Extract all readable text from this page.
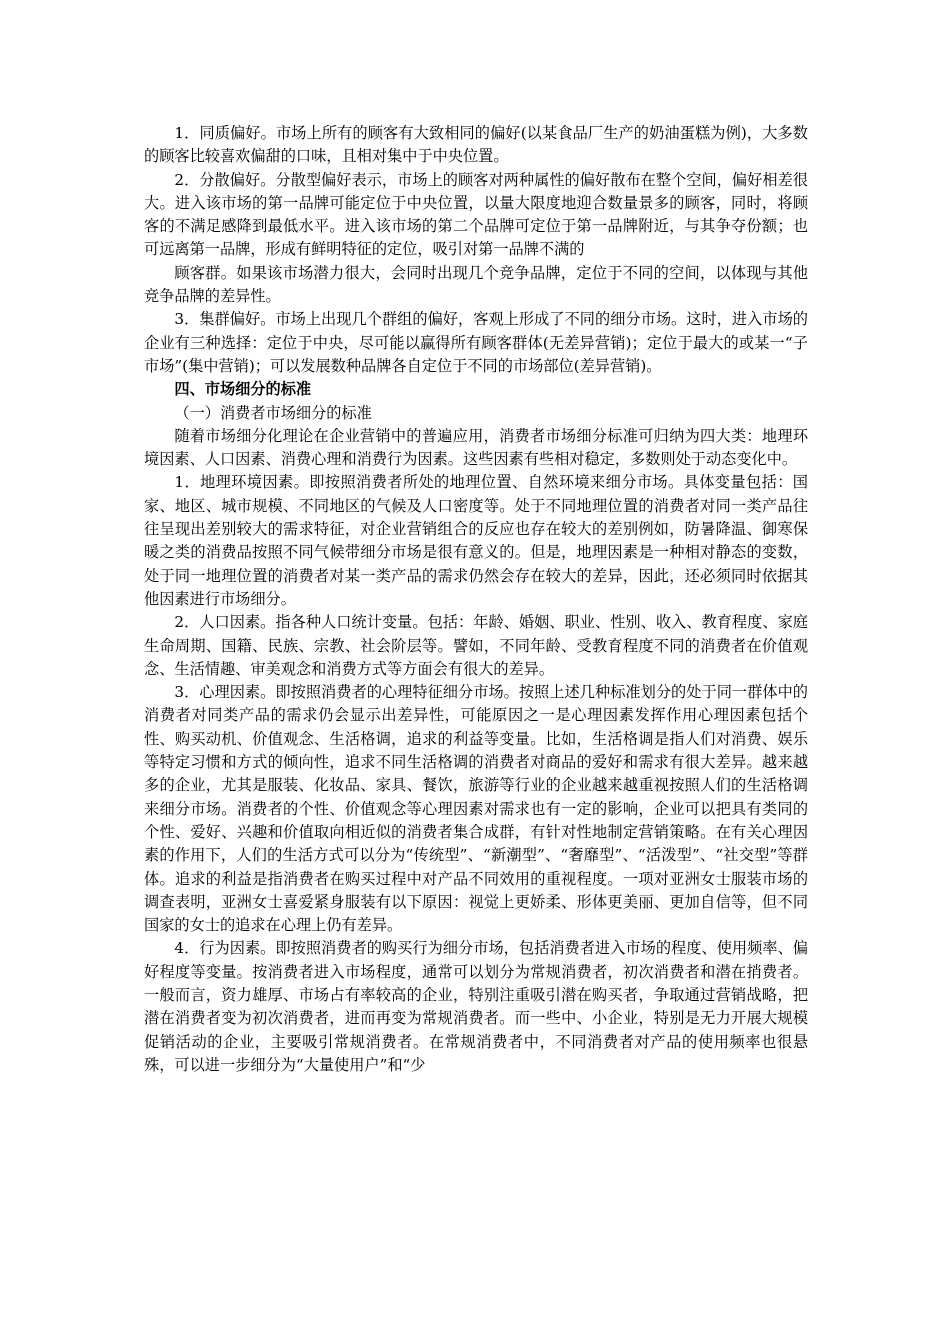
1．同质偏好。市场上所有的顾客有大致相同的偏好(以某食品厂生产的奶油蛋糕为例)，大多数的顾客比较喜欢偏甜的口味，且相对集中于中央位置。

2．分散偏好。分散型偏好表示，市场上的顾客对两种属性的偏好散布在整个空间，偏好相差很大。进入该市场的第一品牌可能定位于中央位置，以量大限度地迎合数量景多的顾客，同时，将顾客的不满足感降到最低水平。进入该市场的第二个品牌可定位于第一品牌附近，与其争夺份额；也可远离第一品牌，形成有鲜明特征的定位，吸引对第一品牌不满的

顾客群。如果该市场潜力很大，会同时出现几个竞争品牌，定位于不同的空间，以体现与其他竞争品牌的差异性。

3．集群偏好。市场上出现几个群组的偏好，客观上形成了不同的细分市场。这时，进入市场的企业有三种选择：定位于中央，尽可能以赢得所有顾客群体(无差异营销)；定位于最大的或某一“子市场”(集中营销)；可以发展数种品牌各自定位于不同的市场部位(差异营销)。

四、市场细分的标准

（一）消费者市场细分的标准

随着市场细分化理论在企业营销中的普遍应用，消费者市场细分标准可归纳为四大类：地理环境因素、人口因素、消费心理和消费行为因素。这些因素有些相对稳定，多数则处于动态变化中。

1．地理环境因素。即按照消费者所处的地理位置、自然环境来细分市场。具体变量包括：国家、地区、城市规模、不同地区的气候及人口密度等。处于不同地理位置的消费者对同一类产品往往呈现出差别较大的需求特征，对企业营销组合的反应也存在较大的差别例如，防暑降温、御寒保暖之类的消费品按照不同气候带细分市场是很有意义的。但是，地理因素是一种相对静态的变数，处于同一地理位置的消费者对某一类产品的需求仍然会存在较大的差异，因此，还必须同时依据其他因素进行市场细分。

2．人口因素。指各种人口统计变量。包括：年龄、婚姻、职业、性别、收入、教育程度、家庭生命周期、国籍、民族、宗教、社会阶层等。譬如，不同年龄、受教育程度不同的消费者在价值观念、生活情趣、审美观念和消费方式等方面会有很大的差异。

3．心理因素。即按照消费者的心理特征细分市场。按照上述几种标准划分的处于同一群体中的消费者对同类产品的需求仍会显示出差异性，可能原因之一是心理因素发挥作用心理因素包括个性、购买动机、价值观念、生活格调，追求的利益等变量。比如，生活格调是指人们对消费、娱乐等特定习惯和方式的倾向性，追求不同生活格调的消费者对商品的爱好和需求有很大差异。越来越多的企业，尤其是服装、化妆品、家具、餐饮，旅游等行业的企业越来越重视按照人们的生活格调来细分市场。消费者的个性、价值观念等心理因素对需求也有一定的影响，企业可以把具有类同的个性、爱好、兴趣和价值取向相近似的消费者集合成群，有针对性地制定营销策略。在有关心理因素的作用下，人们的生活方式可以分为“传统型”、“新潮型”、“奢靡型”、“活泼型”、“社交型”等群体。追求的利益是指消费者在购买过程中对产品不同效用的重视程度。一项对亚洲女士服装市场的调查表明，亚洲女士喜爱紧身服装有以下原因：视觉上更娇柔、形体更美丽、更加自信等，但不同国家的女士的追求在心理上仍有差异。

4．行为因素。即按照消费者的购买行为细分市场，包括消费者进入市场的程度、使用频率、偏好程度等变量。按消费者进入市场程度，通常可以划分为常规消费者，初次消费者和潜在捎费者。一般而言，资力雄厚、市场占有率较高的企业，特别注重吸引潜在购买者，争取通过营销战略，把潜在消费者变为初次消费者，进而再变为常规消费者。而一些中、小企业，特别是无力开展大规模促销活动的企业，主要吸引常规消费者。在常规消费者中，不同消费者对产品的使用频率也很悬殊，可以进一步细分为“大量使用户”和“少
